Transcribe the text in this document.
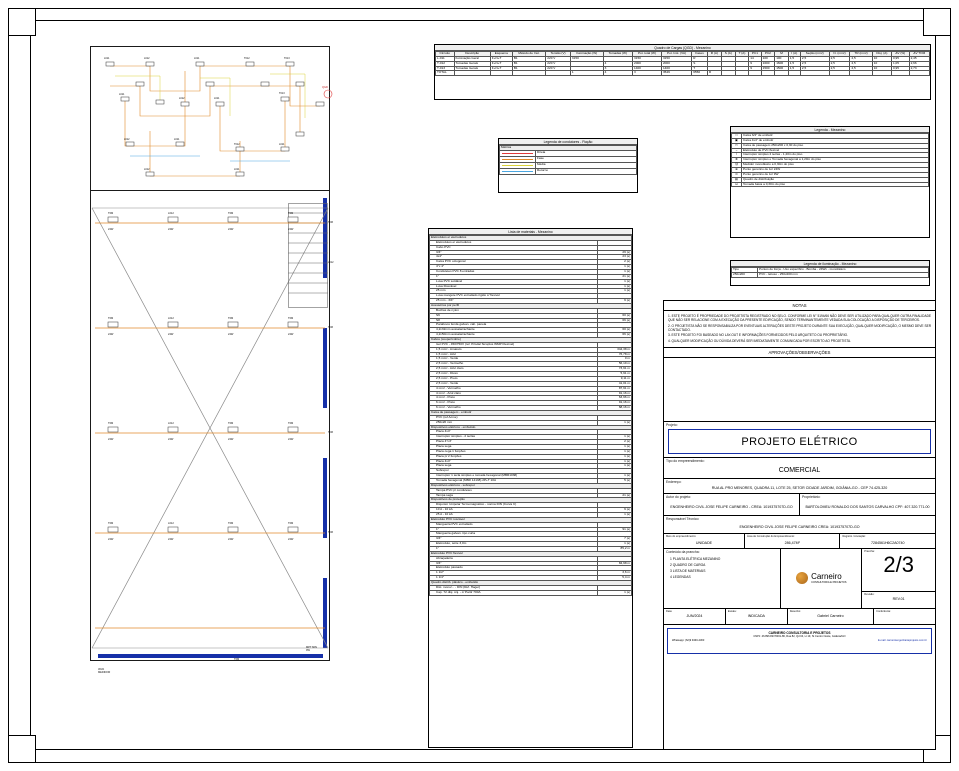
L011	L012	L011	T012	T013
L011
L012	L011
T013
L012	L011
T012	L011
L012	L011
QGD
T0M	L012	T0M	T0M
24W	24W	24W	24W
T0M	L012	T0M	T0M
24W	24W	24W	24W
T0M	L012	T0M	T0M
24W	24W	24W	24W
T0M	L012	T0M	T0M
24W	24W	24W	24W
T0M
L012
T0M
T0M
T0M
30VA
MEDIDOR
T0M
MPT MIN
9W
Quadro de Cargas (QGD) - Mezanino
Circuito	Descrição	Esquema	Método de Inst.	Tensão (V)	Iluminação (W)	Tomadas (W)	Pot. total (W)	Pot. Inst. (VA)	Fases	R (A)	S (A)	T (A)	PC1	PC2	M	I (A)	Seção (mm²)	N. (mm²)	TR (mm²)	Disj. (A)	ΔV (%)	ΔV TOM
L-011	Iluminação Geral	F+N+T	B1	220 V	3150		3150	3150	R				14	100	100	1,5	2,5	2,5	2,5	10	0,95	2,45
T-012	Tomadas Gerais	F+N+T	B1	220 V		4	2000	2000	S				9	1600	1600	1,5	2,5	2,5	2,5	10	1,05	2,66
T-013	Tomadas Gerais	F+N+T	B1	220 V		3	1400	1400	T				9	1500	1500	1,5	2,5	2,5	2,5	10	0,95	2,73
TOTAL					1	4	3	3549	6550	R												
Legenda de condutores - Fiação
Métrica	

	Direta

	Fase

	Média

	Retorno
Legenda - Mezanino
□	Caixa 3/4" de embutir
▣	Caixa 4x4" de embutir
▭	Caixa de passagem 250x200 x 0,30 do piso
~	Eletroduto de PVC flexível
⌇	Interruptor simples 2 teclas - 1,20m do piso
⊗	Interruptor simples e Tomada hexagonal a 1,20m do piso
Ⓜ	Medidor monofásico a 0,30m do piso
⊕	Ponto genérico de luz 24W
⊙	Ponto genérico de luz 9W
▤	Quadro de distribuição
⊟	Tomada baixa a 0,30m do piso
Legenda de iluminação - Mezanino
Tipo	Pontos de força - Uso específico - Bomba - 24Wx - monofásico
250x200	PVC - leitoso - 250x200 mm
Lista de materiais - Mezanino
Eletrodutos e/ eletrodutos	
Eletrodutos e/ eletrodutos	
Cabo PVC	
3/4"	29 pç
4x4"	23 pç
Caixa PVC octogonal	2 pç
4"x 4"	1 pç
Conduletes PVC 8 entradas	1 pç
1"	21 pç
Luva PVC soldável	1 pç
Luva Roscável	1 pç
25 mm	1 pç
Luva mangote PVC extrudado rígido c/ flexível	
25 mm - 3/4"	9 pç
Acessórios por perfil	
Buchas de nylon	
S6	60 pç
S8	66 pç
Parafusos fenda galvan. cab. panela	
4,2x32mm autoatarrachante	60 pç
4,2x50mm autoatarrachante	66 pç
Cabos (cooper/cobre)	
Isol PVC - 450/750V (ref. Prisdal Sicoplus WMP Flexível)	
1,5 mm² - Amarelo	344,38 m
1,5 mm² - Azul	76,78 m
1,5 mm² - Verde	0 m
2,5 mm² - Vermelho	56,19 m
2,5 mm² - Azul claro	73,91 m
2,5 mm² - Dives	5,91 m
2,5 mm² - Preto	9,11 m
2,5 mm² - Verde	41,01 m
4 mm² - Vermelho	87,91 m
4 mm² - Azul claro	91,16 m
4 mm² - Preto	63,96 m
6 mm² - Preto	91,16 m
6 mm² - Vermelho	68,16 m
Caixa de passagem - embutir	
PVC (ref Acme)	
250x20 mm	1 pç
Dispositivos elétricos - embutido	
Placa 4x4"	
Interruptor simples - 2 teclas	1 pç
Placa 4"x4"	2 pç
Placa sega	1 pç
Placa cega 1 funções	1 pç
Placa p/ 2 funções	1 pç
Placa 4x4"	1 pç
Placa sega	1 pç
Sobrepor	
Interruptor 1 tecla simples e tomada hexagonal (MBR1038)	1 pç
Tomada hexagonal (MBR 14138) 2P+T 10A	5 pç
Dispositivos elétricos - sobrepor	
Tampa PVC p/ conduletes	
Tampa sega	21 pç
Dispositivos de proteção	
Disjuntor Unipolar Termomagnético - norma DIN (Curva C)	
10 A - 10 kA	9 pç
25 A - 10 kA	1 pç
Eletroduto PVC roscável	
Mangueira PVC extrudado	
1"	91 pç
Mangueira galvan. tipo curta	
3/4"	7 pç
Eletroduto, série 3,0m	1 pç
1"	85,2 m
Eletroduto PVC flexível	
Abraçadeira	
3/4"	84,98 m
Eletroduto passado	
1 1/2"	3,6 m
1 1/4"	5,4 m
Quadro distrib. plástico - embutido	
Dist. mono/... - DIN (Ref. Hager)	
Cap. 72 disj. únj. - c/ Partir 700A	1 pç
NOTAS
1. ESTE PROJETO É PROPRIEDADE DO PROJETISTA REGISTRADO NO SELO. CONFORME LEI N° 5194/66 NÃO DEVE SER UTILIZADO PARA QUALQUER OUTRA FINALIDADE QUE NÃO SER RELACIONE COM A EXECUÇÃO DA PRESENTE EDIFICAÇÃO, SENDO TERMINANTEMENTE VEDADA SUA COLOCAÇÃO A DISPOSIÇÃO DE TERCEIROS.
2. O PROJETISTA NÃO SE RESPONSABILIZA POR EVENTUAIS ALTERAÇÕES DESTE PROJETO DURANTE SUA EXECUÇÃO, QUALQUER MODIFICAÇÃO, O MESMO DEVE SER CONTACTADO.
3. ESTE PROJETO FOI BASEADO NO LAY-OUT E INFORMAÇÕES FORNECIDOS PELO ARQUITETO OU PROPRIETÁRIO.
4. QUALQUER MODIFICAÇÃO OU DÚVIDA DEVERÁ SER IMEDIATAMENTE COMUNICADA POR ESCRITO AO PROJETISTA.
APROVAÇÕES/OBSERVAÇÕES
Projeto:
PROJETO ELÉTRICO
Tipo do empreendimento:
COMERCIAL
Endereço:
RUA AL PRO MENORES, QUADRA 11, LOTE 25, SETOR CIDADE JARDIM, GOIÂNIA-GO - CEP 74.425-320
Autor do projeto:
ENGENHEIRO CIVIL JOSE FELIPE CARNEIRO - CREA: 1019375707D-GO
Proprietário:
BARTOLOMEU RONALDO DOS SANTOS CARVALHO CPF: 407.320.771-00
Responsável Técnico:
ENGENHEIRO CIVIL JOSE FELIPE CARNEIRO CREA: 1019375707D-GO
Meio do empreendimento:
UNIDADE
Área de Construção do Empreendimento:
286,47M²
Registro / Anotação:
7284561H6C2A0740
Conteúdo da prancha:
1 PLANTA ELÉTRICA MEZANINO
2 QUADRO DE CARGA
3 LISTA DE MATERIAIS
4 LEGENDAS	Carneiro
CONSULTORIA E PROJETOS
Prancha:
2/3
Revisão:
REV.01
Data:
JUN/2024
Escala:
INDICADA
Desenho:
Gabriel Carneiro
Conferência:
CARNEIRO CONSULTORIA E PROJETOS
CNPJ: 46.896.827/0001-86, Rua 82, Qd 04, Lt 19, St Centro Oeste, Goiânia/GO
Whatsapp: (62)9 9430-4303	E-mail: carneiroengenhariaprojetos.com.br
